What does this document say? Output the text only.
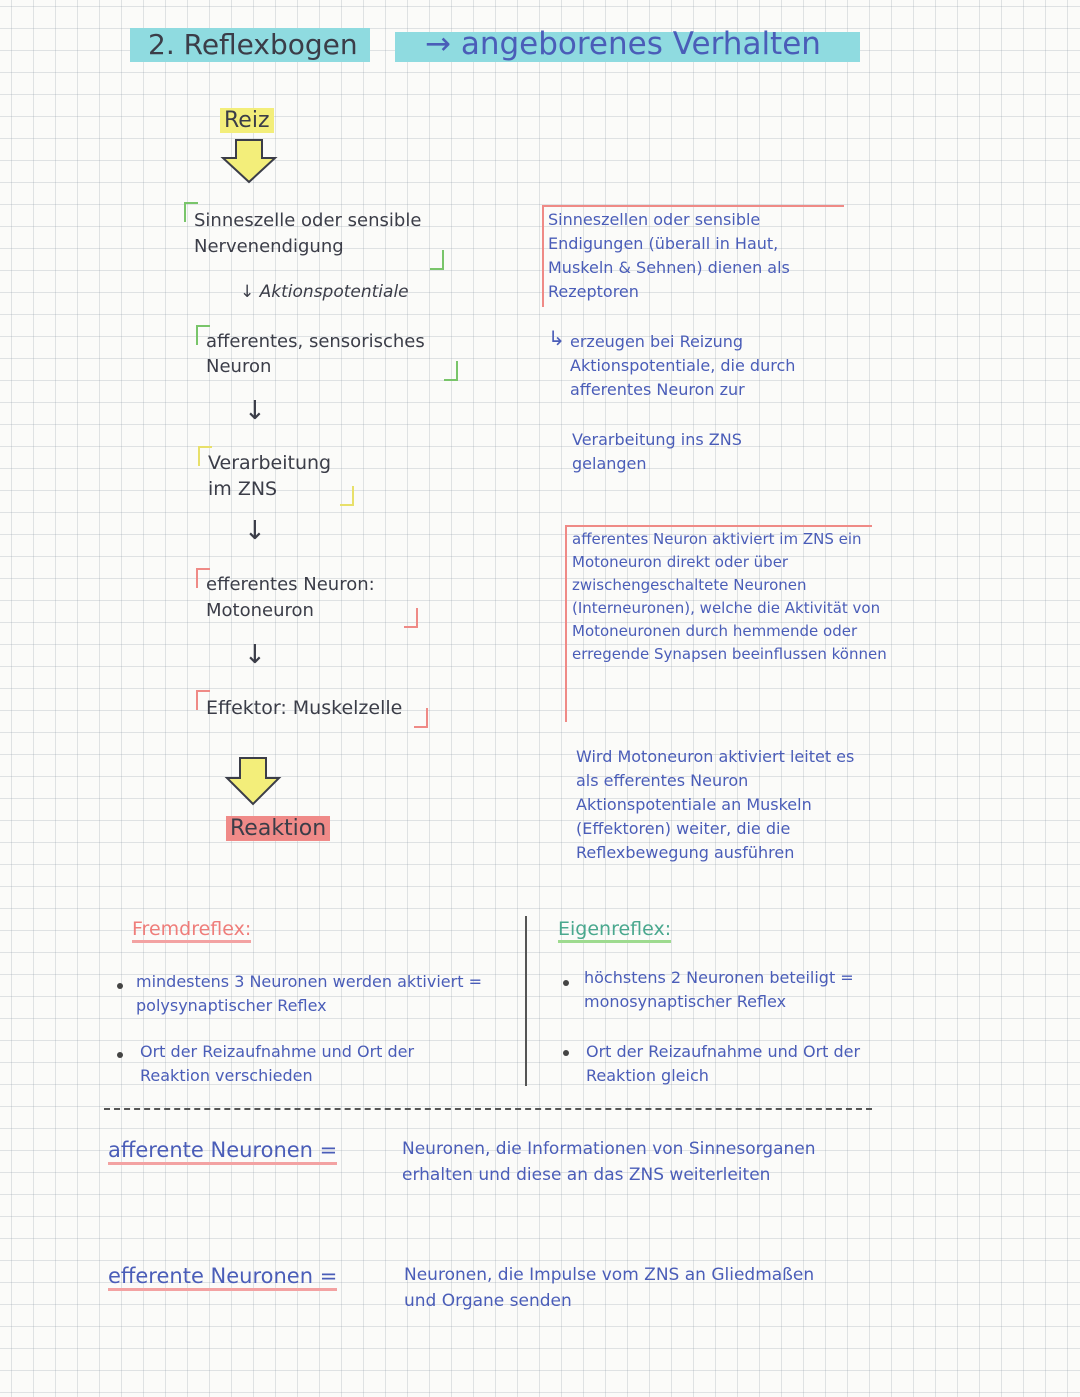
2. Reflexbogen → angeborenes Verhalten
Reiz
Sinneszelle oder sensible Nervenendigung
↓ Aktionspotentiale
afferentes, sensorisches Neuron
↓
Verarbeitung im ZNS
↓
efferentes Neuron: Motoneuron
↓
Effektor: Muskelzelle
Reaktion
Sinneszellen oder sensible Endigungen (überall in Haut, Muskeln & Sehnen) dienen als Rezeptoren
↳ erzeugen bei Reizung Aktionspotentiale, die durch afferentes Neuron zur
Verarbeitung ins ZNS gelangen
afferentes Neuron aktiviert im ZNS ein Motoneuron direkt oder über zwischengeschaltete Neuronen (Interneuronen), welche die Aktivität von Motoneuronen durch hemmende oder erregende Synapsen beeinflussen können
Wird Motoneuron aktiviert leitet es als efferentes Neuron Aktionspotentiale an Muskeln (Effektoren) weiter, die die Reflexbewegung ausführen
Fremdreflex:
mindestens 3 Neuronen werden aktiviert = polysynaptischer Reflex
Ort der Reizaufnahme und Ort der Reaktion verschieden
Eigenreflex:
höchstens 2 Neuronen beteiligt = monosynaptischer Reflex
Ort der Reizaufnahme und Ort der Reaktion gleich
afferente Neuronen =	Neuronen, die Informationen von Sinnesorganen erhalten und diese an das ZNS weiterleiten
efferente Neuronen =	Neuronen, die Impulse vom ZNS an Gliedmaßen und Organe senden
